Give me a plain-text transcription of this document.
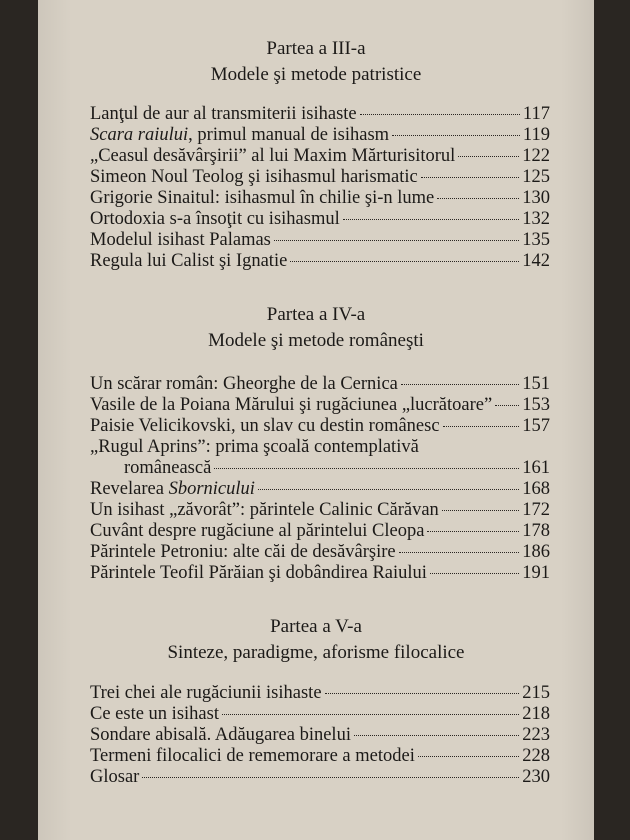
Partea a III-a
Modele şi metode patristice
Lanţul de aur al transmiterii isihaste	117
Scara raiului, primul manual de isihasm	119
„Ceasul desăvârşirii” al lui Maxim Mărturisitorul	122
Simeon Noul Teolog şi isihasmul harismatic	125
Grigorie Sinaitul: isihasmul în chilie şi-n lume	130
Ortodoxia s-a însoţit cu isihasmul	132
Modelul isihast Palamas	135
Regula lui Calist şi Ignatie	142
Partea a IV-a
Modele şi metode româneşti
Un scărar român: Gheorghe de la Cernica	151
Vasile de la Poiana Mărului şi rugăciunea „lucrătoare” 153
Paisie Velicikovski, un slav cu destin românesc	157
„Rugul Aprins”: prima şcoală contemplativă
românească	161
Revelarea Sbornicului	168
Un isihast „zăvorât”: părintele Calinic Cărăvan	172
Cuvânt despre rugăciune al părintelui Cleopa	178
Părintele Petroniu: alte căi de desăvârşire	186
Părintele Teofil Părăian şi dobândirea Raiului	191
Partea a V-a
Sinteze, paradigme, aforisme filocalice
Trei chei ale rugăciunii isihaste	215
Ce este un isihast	218
Sondare abisală. Adăugarea binelui	223
Termeni filocalici de rememorare a metodei	228
Glosar	230
